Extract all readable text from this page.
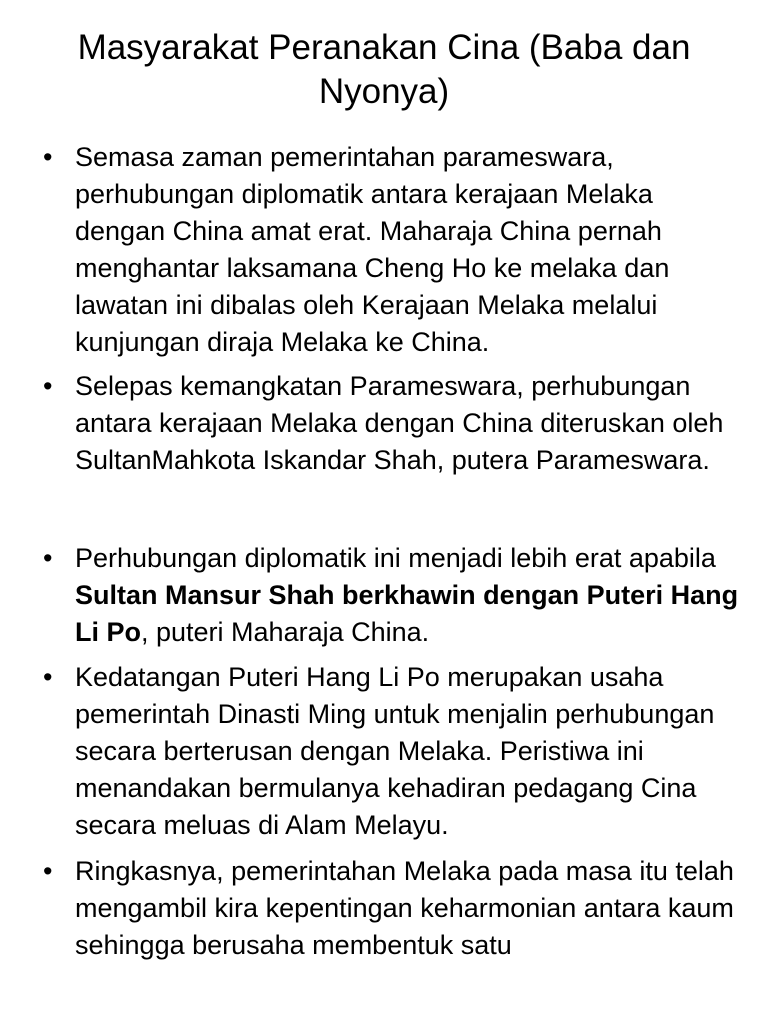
Masyarakat Peranakan Cina (Baba dan Nyonya)
• Semasa zaman pemerintahan parameswara, perhubungan diplomatik antara kerajaan Melaka dengan China amat erat. Maharaja China pernah menghantar laksamana Cheng Ho ke melaka dan lawatan ini dibalas oleh Kerajaan Melaka melalui kunjungan diraja Melaka ke China.
• Selepas kemangkatan Parameswara, perhubungan antara kerajaan Melaka dengan China diteruskan oleh SultanMahkota Iskandar Shah, putera Parameswara.
• Perhubungan diplomatik ini menjadi lebih erat apabila Sultan Mansur Shah berkhawin dengan Puteri Hang Li Po, puteri Maharaja China.
• Kedatangan Puteri Hang Li Po merupakan usaha pemerintah Dinasti Ming untuk menjalin perhubungan secara berterusan dengan Melaka. Peristiwa ini menandakan bermulanya kehadiran pedagang Cina secara meluas di Alam Melayu.
• Ringkasnya, pemerintahan Melaka pada masa itu telah mengambil kira kepentingan keharmonian antara kaum sehingga berusaha membentuk satu
